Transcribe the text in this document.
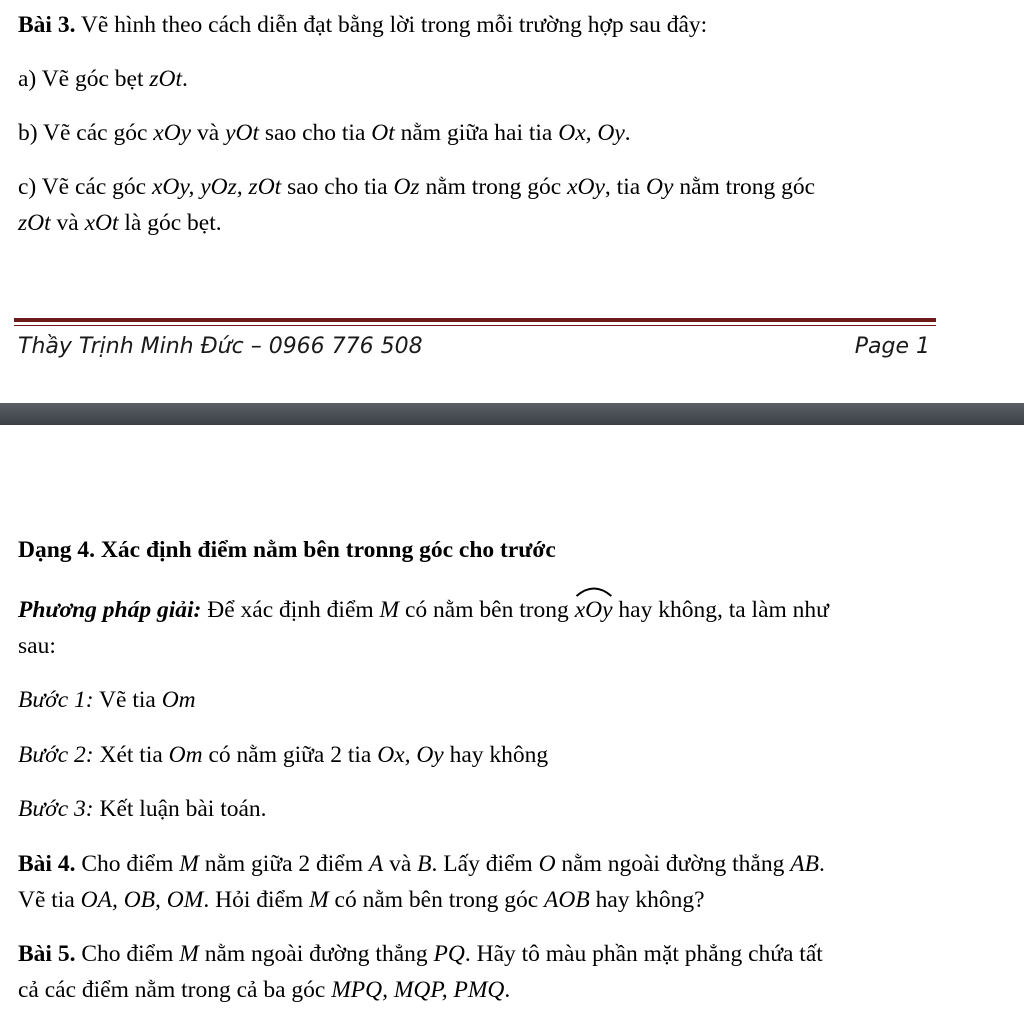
Bài 3. Vẽ hình theo cách diễn đạt bằng lời trong mỗi trường hợp sau đây:
a) Vẽ góc bẹt zOt.
b) Vẽ các góc xOy và yOt sao cho tia Ot nằm giữa hai tia Ox, Oy.
c) Vẽ các góc xOy, yOz, zOt sao cho tia Oz nằm trong góc xOy, tia Oy nằm trong góc
zOt và xOt là góc bẹt.
Thầy Trịnh Minh Đức – 0966 776 508	Page 1
Dạng 4. Xác định điểm nằm bên tronng góc cho trước
Phương pháp giải: Để xác định điểm M có nằm bên trong
xOy hay không, ta làm như
sau:
Bước 1: Vẽ tia Om
Bước 2: Xét tia Om có nằm giữa 2 tia Ox, Oy hay không
Bước 3: Kết luận bài toán.
Bài 4. Cho điểm M nằm giữa 2 điểm A và B. Lấy điểm O nằm ngoài đường thẳng AB.
Vẽ tia OA, OB, OM. Hỏi điểm M có nằm bên trong góc AOB hay không?
Bài 5. Cho điểm M nằm ngoài đường thẳng PQ. Hãy tô màu phần mặt phẳng chứa tất
cả các điểm nằm trong cả ba góc MPQ, MQP, PMQ.
